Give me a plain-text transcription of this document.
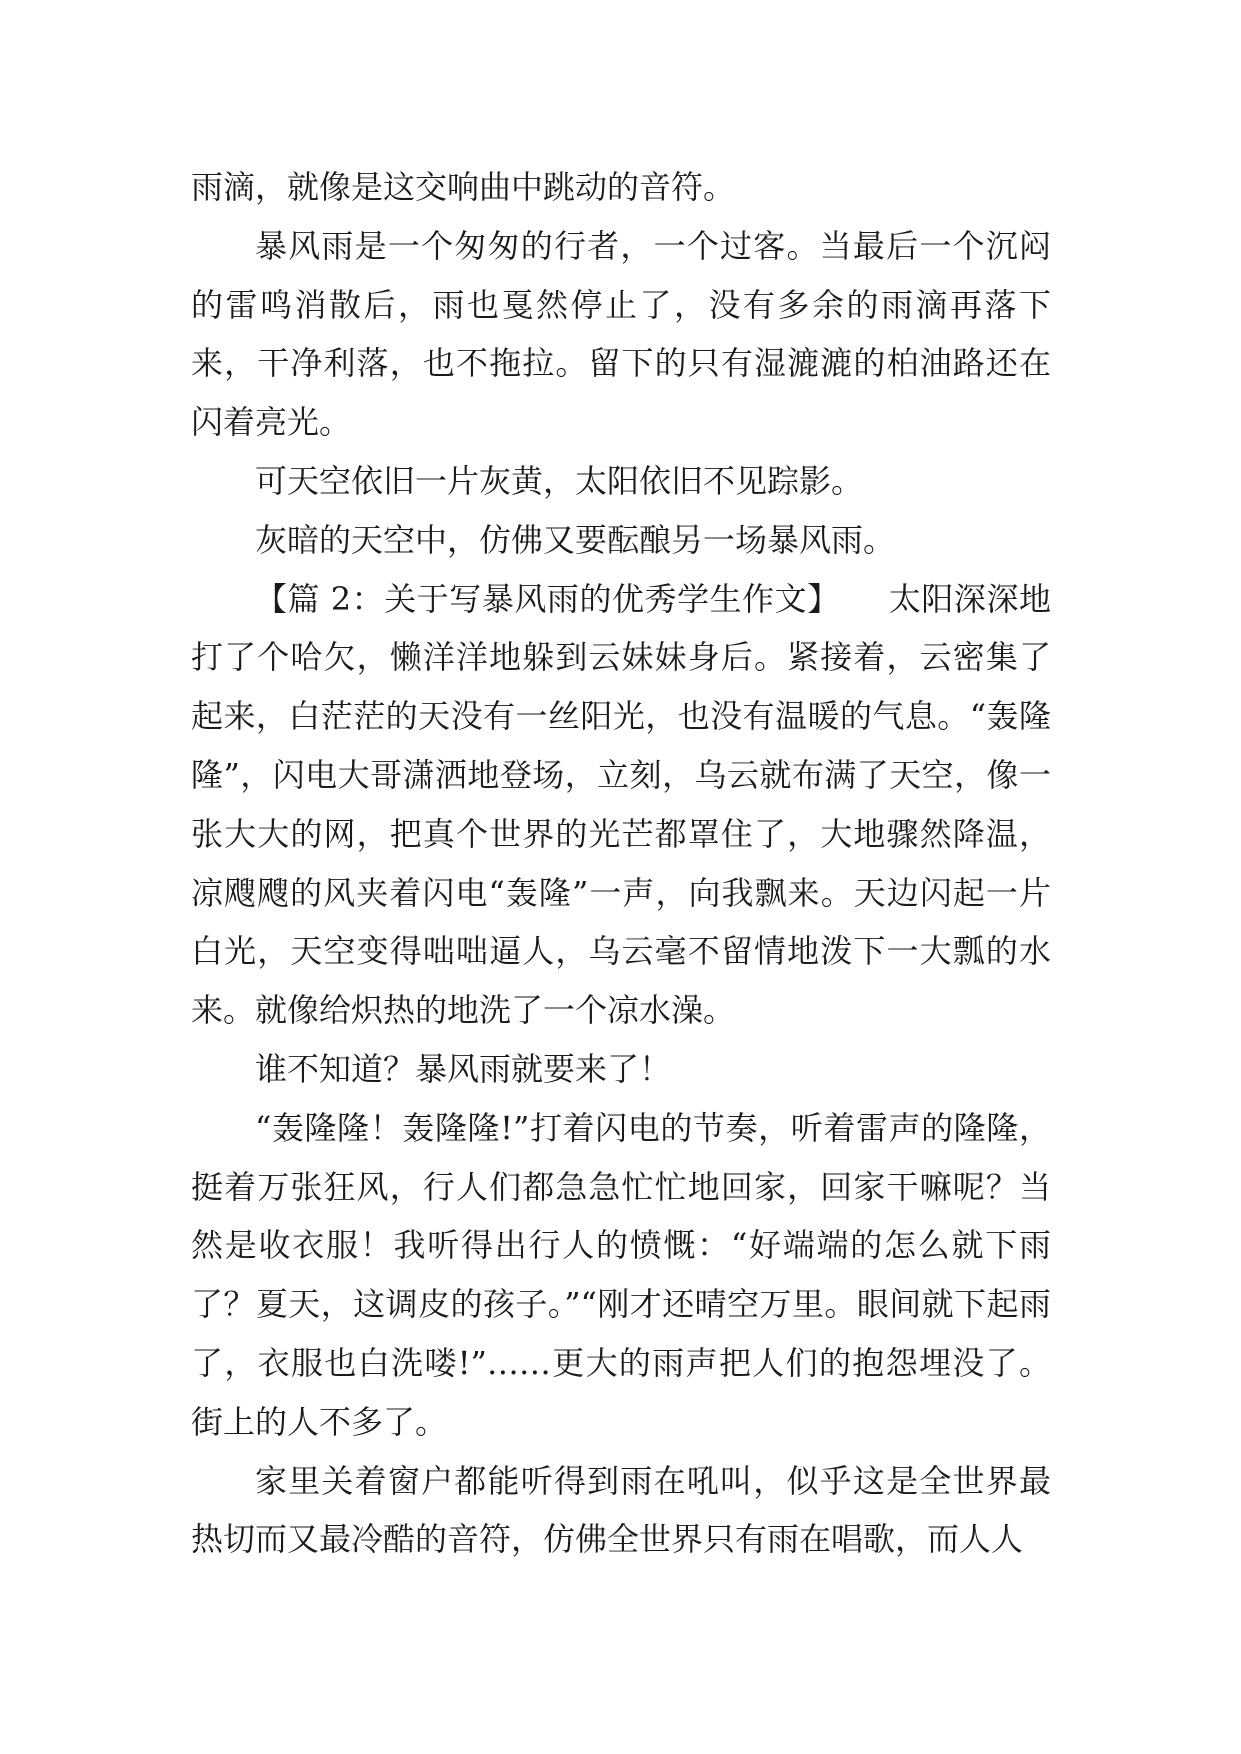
雨滴，就像是这交响曲中跳动的音符。

暴风雨是一个匆匆的行者，一个过客。当最后一个沉闷的雷鸣消散后，雨也戛然停止了，没有多余的雨滴再落下来，干净利落，也不拖拉。留下的只有湿漉漉的柏油路还在闪着亮光。

可天空依旧一片灰黄，太阳依旧不见踪影。

灰暗的天空中，仿佛又要酝酿另一场暴风雨。

【篇 2：关于写暴风雨的优秀学生作文】　　太阳深深地打了个哈欠，懒洋洋地躲到云妹妹身后。紧接着，云密集了起来，白茫茫的天没有一丝阳光，也没有温暖的气息。“轰隆隆”，闪电大哥潇洒地登场，立刻，乌云就布满了天空，像一张大大的网，把真个世界的光芒都罩住了，大地骤然降温，凉飕飕的风夹着闪电“轰隆”一声，向我飘来。天边闪起一片白光，天空变得咄咄逼人，乌云毫不留情地泼下一大瓢的水来。就像给炽热的地洗了一个凉水澡。

谁不知道？暴风雨就要来了！

“轰隆隆！轰隆隆!”打着闪电的节奏，听着雷声的隆隆，挺着万张狂风，行人们都急急忙忙地回家，回家干嘛呢？当然是收衣服！我听得出行人的愤慨：“好端端的怎么就下雨了？夏天，这调皮的孩子。”“刚才还晴空万里。眼间就下起雨了，衣服也白洗喽!”……更大的雨声把人们的抱怨埋没了。街上的人不多了。

家里关着窗户都能听得到雨在吼叫，似乎这是全世界最热切而又最冷酷的音符，仿佛全世界只有雨在唱歌，而人人
